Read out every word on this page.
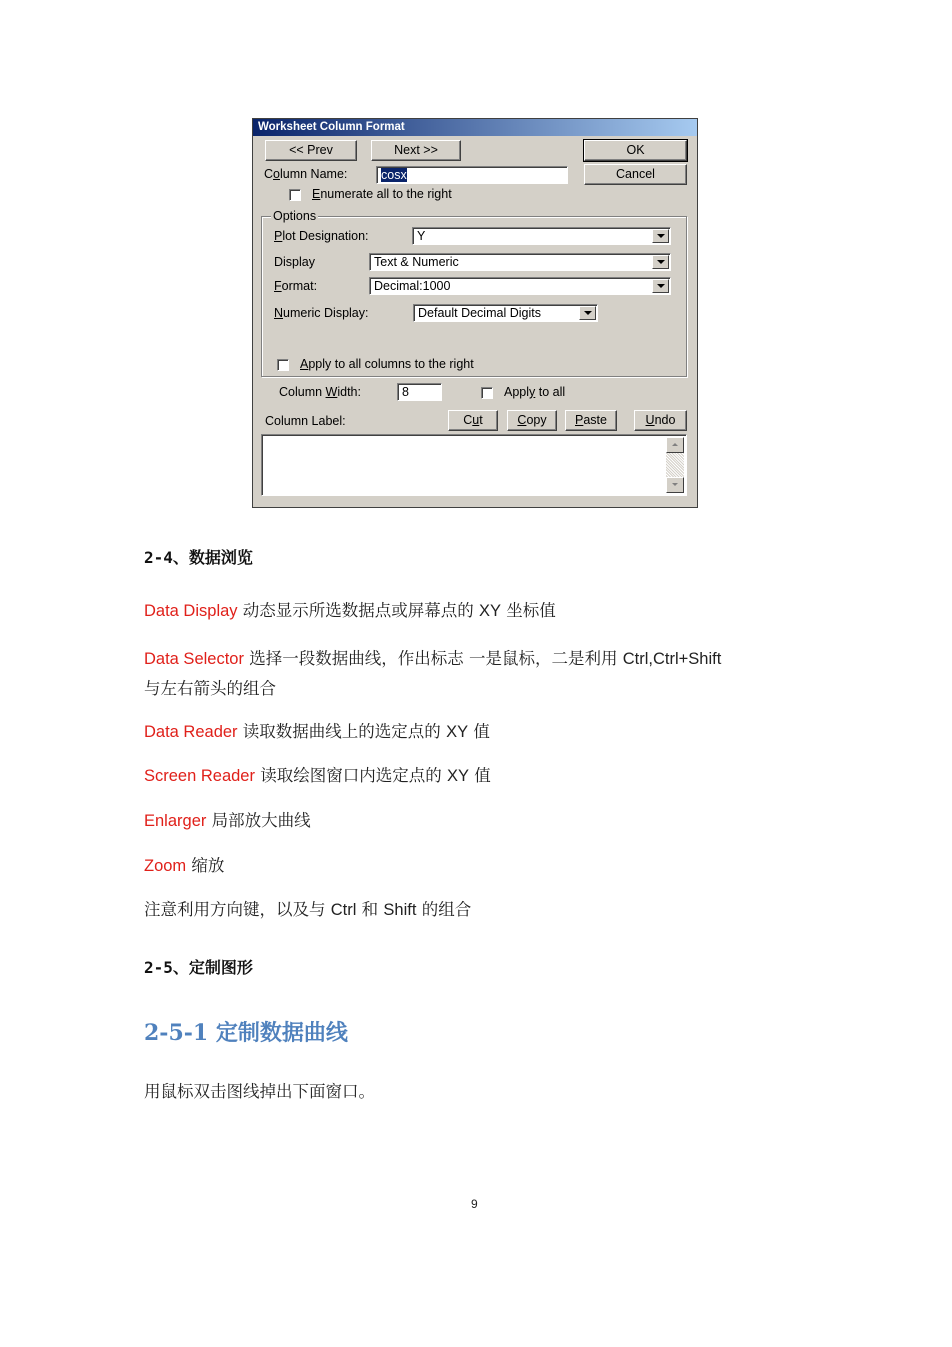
Worksheet Column Format
<< Prev	Next >>	OK
Cancel
Column Name:	cosx
Enumerate all to the right
Options
Plot Designation:	Y
Display	Text & Numeric
Format:	Decimal:1000
Numeric Display:	Default Decimal Digits
Apply to all columns to the right
Column Width:	8	Apply to all
Column Label:	Cut	Copy	Paste	Undo
2-4、数据浏览
Data Display 动态显示所选数据点或屏幕点的 XY 坐标值
Data Selector 选择一段数据曲线，作出标志 一是鼠标，二是利用 Ctrl,Ctrl+Shift
与左右箭头的组合
Data Reader 读取数据曲线上的选定点的 XY 值
Screen Reader 读取绘图窗口内选定点的 XY 值
Enlarger 局部放大曲线
Zoom 缩放
注意利用方向键，以及与 Ctrl 和 Shift 的组合
2-5、定制图形
2-5-1 定制数据曲线
用鼠标双击图线掉出下面窗口。
9
